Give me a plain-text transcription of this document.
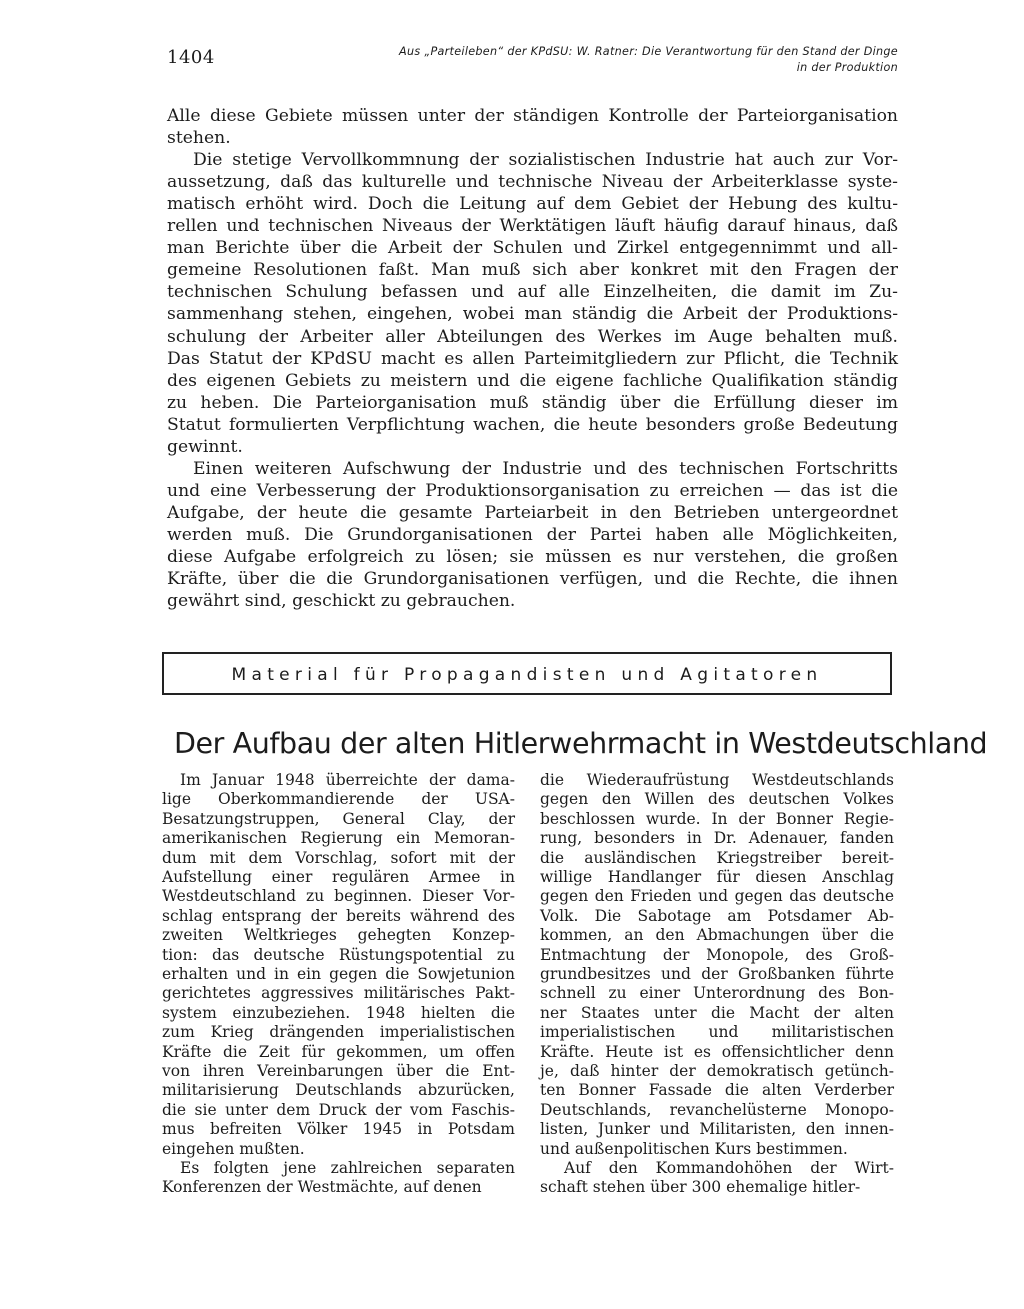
1404	Aus „Parteileben“ der KPdSU: W. Ratner: Die Verantwortung für den Stand der Dinge
in der Produktion
Alle diese Gebiete müssen unter der ständigen Kontrolle der Parteiorganisation
stehen.
Die stetige Vervollkommnung der sozialistischen Industrie hat auch zur Vor-
aussetzung, daß das kulturelle und technische Niveau der Arbeiterklasse syste-
matisch erhöht wird. Doch die Leitung auf dem Gebiet der Hebung des kultu-
rellen und technischen Niveaus der Werktätigen läuft häufig darauf hinaus, daß
man Berichte über die Arbeit der Schulen und Zirkel entgegennimmt und all-
gemeine Resolutionen faßt. Man muß sich aber konkret mit den Fragen der
technischen Schulung befassen und auf alle Einzelheiten, die damit im Zu-
sammenhang stehen, eingehen, wobei man ständig die Arbeit der Produktions-
schulung der Arbeiter aller Abteilungen des Werkes im Auge behalten muß.
Das Statut der KPdSU macht es allen Parteimitgliedern zur Pflicht, die Technik
des eigenen Gebiets zu meistern und die eigene fachliche Qualifikation ständig
zu heben. Die Parteiorganisation muß ständig über die Erfüllung dieser im
Statut formulierten Verpflichtung wachen, die heute besonders große Bedeutung
gewinnt.
Einen weiteren Aufschwung der Industrie und des technischen Fortschritts
und eine Verbesserung der Produktionsorganisation zu erreichen — das ist die
Aufgabe, der heute die gesamte Parteiarbeit in den Betrieben untergeordnet
werden muß. Die Grundorganisationen der Partei haben alle Möglichkeiten,
diese Aufgabe erfolgreich zu lösen; sie müssen es nur verstehen, die großen
Kräfte, über die die Grundorganisationen verfügen, und die Rechte, die ihnen
gewährt sind, geschickt zu gebrauchen.
Material für Propagandisten und Agitatoren
Der Aufbau der alten Hitlerwehrmacht in Westdeutschland
Im Januar 1948 überreichte der dama-
lige Oberkommandierende der USA-
Besatzungstruppen, General Clay, der
amerikanischen Regierung ein Memoran-
dum mit dem Vorschlag, sofort mit der
Aufstellung einer regulären Armee in
Westdeutschland zu beginnen. Dieser Vor-
schlag entsprang der bereits während des
zweiten Weltkrieges gehegten Konzep-
tion: das deutsche Rüstungspotential zu
erhalten und in ein gegen die Sowjetunion
gerichtetes aggressives militärisches Pakt-
system einzubeziehen. 1948 hielten die
zum Krieg drängenden imperialistischen
Kräfte die Zeit für gekommen, um offen
von ihren Vereinbarungen über die Ent-
militarisierung Deutschlands abzurücken,
die sie unter dem Druck der vom Faschis-
mus befreiten Völker 1945 in Potsdam
eingehen mußten.
Es folgten jene zahlreichen separaten
Konferenzen der Westmächte, auf denen
die Wiederaufrüstung Westdeutschlands
gegen den Willen des deutschen Volkes
beschlossen wurde. In der Bonner Regie-
rung, besonders in Dr. Adenauer, fanden
die ausländischen Kriegstreiber bereit-
willige Handlanger für diesen Anschlag
gegen den Frieden und gegen das deutsche
Volk. Die Sabotage am Potsdamer Ab-
kommen, an den Abmachungen über die
Entmachtung der Monopole, des Groß-
grundbesitzes und der Großbanken führte
schnell zu einer Unterordnung des Bon-
ner Staates unter die Macht der alten
imperialistischen und militaristischen
Kräfte. Heute ist es offensichtlicher denn
je, daß hinter der demokratisch getünch-
ten Bonner Fassade die alten Verderber
Deutschlands, revanchelüsterne Monopo-
listen, Junker und Militaristen, den innen-
und außenpolitischen Kurs bestimmen.
Auf den Kommandohöhen der Wirt-
schaft stehen über 300 ehemalige hitler-
